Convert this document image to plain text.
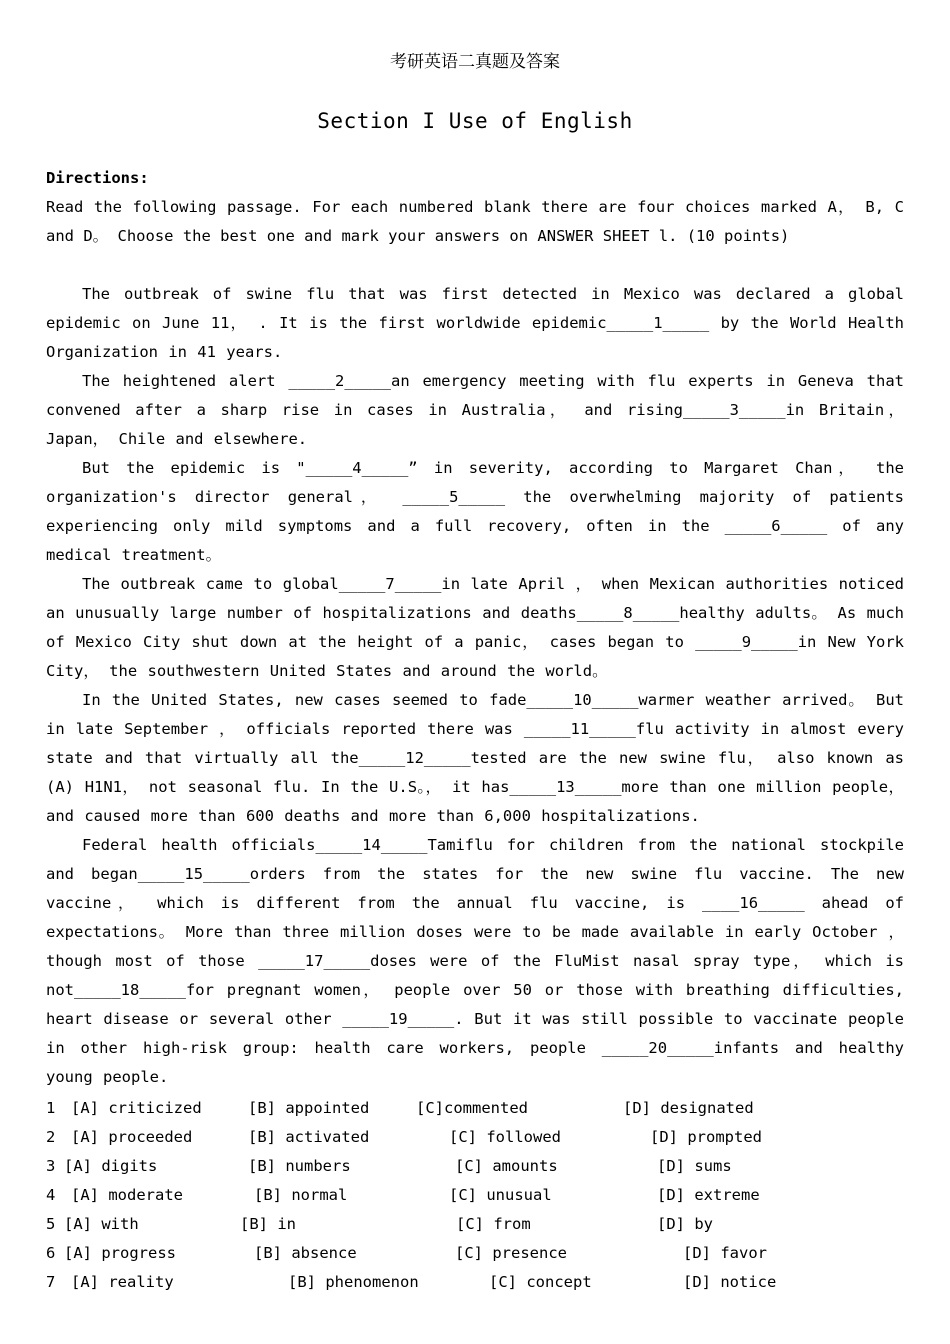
考研英语二真题及答案
Section I Use of English
Directions:
Read the following passage. For each numbered blank there are four choices marked A， B, C and D。 Choose the best one and mark your answers on ANSWER SHEET l. (10 points)

The outbreak of swine flu that was first detected in Mexico was declared a global epidemic on June 11， . It is the first worldwide epidemic_____1_____ by the World Health Organization in 41 years.

The heightened alert _____2_____an emergency meeting with flu experts in Geneva that convened after a sharp rise in cases in Australia， and rising_____3_____in Britain， Japan， Chile and elsewhere.

But the epidemic is "_____4_____” in severity, according to Margaret Chan， the organization's director general， _____5_____ the overwhelming majority of patients experiencing only mild symptoms and a full recovery, often in the _____6_____ of any medical treatment。

The outbreak came to global_____7_____in late April ， when Mexican authorities noticed an unusually large number of hospitalizations and deaths_____8_____healthy adults。 As much of Mexico City shut down at the height of a panic， cases began to _____9_____in New York City， the southwestern United States and around the world。

In the United States, new cases seemed to fade_____10_____warmer weather arrived。 But in late September ， officials reported there was _____11_____flu activity in almost every state and that virtually all the_____12_____tested are the new swine flu， also known as (A) H1N1， not seasonal flu. In the U.S。， it has_____13_____more than one million people， and caused more than 600 deaths and more than 6,000 hospitalizations.

Federal health officials_____14_____Tamiflu for children from the national stockpile and began_____15_____orders from the states for the new swine flu vaccine. The new vaccine， which is different from the annual flu vaccine, is ____16_____ ahead of expectations。 More than three million doses were to be made available in early October ， though most of those _____17_____doses were of the FluMist nasal spray type， which is not_____18_____for pregnant women， people over 50 or those with breathing difficulties, heart disease or several other _____19_____. But it was still possible to vaccinate people in other high-risk group: health care workers, people _____20_____infants and healthy young people.

1 [A] criticized	[B] appointed	[C]commented	[D] designated
2 [A] proceeded	[B] activated	[C] followed	[D] prompted
3 [A] digits	[B] numbers	[C] amounts	[D] sums
4 [A] moderate	[B] normal	[C] unusual	[D] extreme
5 [A] with	[B] in	[C] from	[D] by
6 [A] progress	[B] absence	[C] presence	[D] favor
7 [A] reality	[B] phenomenon	[C] concept	[D] notice
